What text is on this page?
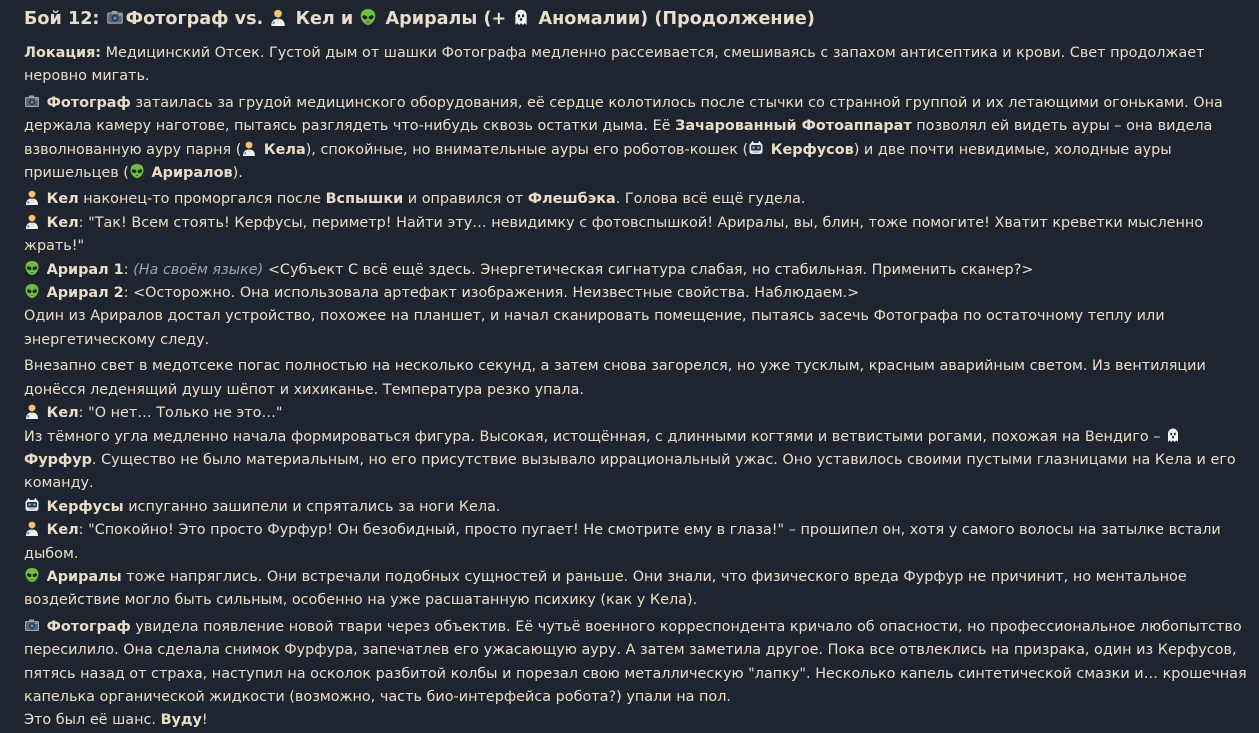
Бой 12: Фотограф vs. Кел и Арирaлы (+ Аномалии) (Продолжение)

Локация: Медицинский Отсек. Густой дым от шашки Фотографа медленно рассеивается, смешиваясь с запахом антисептика и крови. Свет продолжает неровно мигать.

Фотограф затаилась за грудой медицинского оборудования, её сердце колотилось после стычки со странной группой и их летающими огоньками. Она держала камеру наготове, пытаясь разглядеть что-нибудь сквозь остатки дыма. Её Зачарованный Фотоаппарат позволял ей видеть ауры – она видела взволнованную ауру парня ( Кела), спокойные, но внимательные ауры его роботов-кошек ( Керфусов) и две почти невидимые, холодные ауры пришельцев ( Арирaлов).

Кел наконец-то проморгался после Вспышки и оправился от Флешбэка. Голова всё ещё гудела.

Кел: "Так! Всем стоять! Керфусы, периметр! Найти эту… невидимку с фотовспышкой! Арирaлы, вы, блин, тоже помогите! Хватит креветки мысленно жрать!"

Арирал 1: (На своём языке) <Субъект С всё ещё здесь. Энергетическая сигнатура слабая, но стабильная. Применить сканер?>

Арирал 2: <Осторожно. Она использовала артефакт изображения. Неизвестные свойства. Наблюдаем.>

Один из Арирaлов достал устройство, похожее на планшет, и начал сканировать помещение, пытаясь засечь Фотографа по остаточному теплу или энергетическому следу.

Внезапно свет в медотсеке погас полностью на несколько секунд, а затем снова загорелся, но уже тусклым, красным аварийным светом. Из вентиляции донёсся леденящий душу шёпот и хихиканье. Температура резко упала.

Кел: "О нет… Только не это…"

Из тёмного угла медленно начала формироваться фигура. Высокая, истощённая, с длинными когтями и ветвистыми рогами, похожая на Вендиго –  Фурфур. Существо не было материальным, но его присутствие вызывало иррациональный ужас. Оно уставилось своими пустыми глазницами на Кела и его команду.

Керфусы испуганно зашипели и спрятались за ноги Кела.

Кел: "Спокойно! Это просто Фурфур! Он безобидный, просто пугает! Не смотрите ему в глаза!" – прошипел он, хотя у самого волосы на затылке встали дыбом.

Арирaлы тоже напряглись. Они встречали подобных сущностей и раньше. Они знали, что физического вреда Фурфур не причинит, но ментальное воздействие могло быть сильным, особенно на уже расшатанную психику (как у Кела).

Фотограф увидела появление новой твари через объектив. Её чутьё военного корреспондента кричало об опасности, но профессиональное любопытство пересилило. Она сделала снимок Фурфура, запечатлев его ужасающую ауру. А затем заметила другое. Пока все отвлеклись на призрака, один из Керфусов, пятясь назад от страха, наступил на осколок разбитой колбы и порезал свою металлическую "лапку". Несколько капель синтетической смазки и… крошечная капелька органической жидкости (возможно, часть био-интерфейса робота?) упали на пол.

Это был её шанс. Вуду!
